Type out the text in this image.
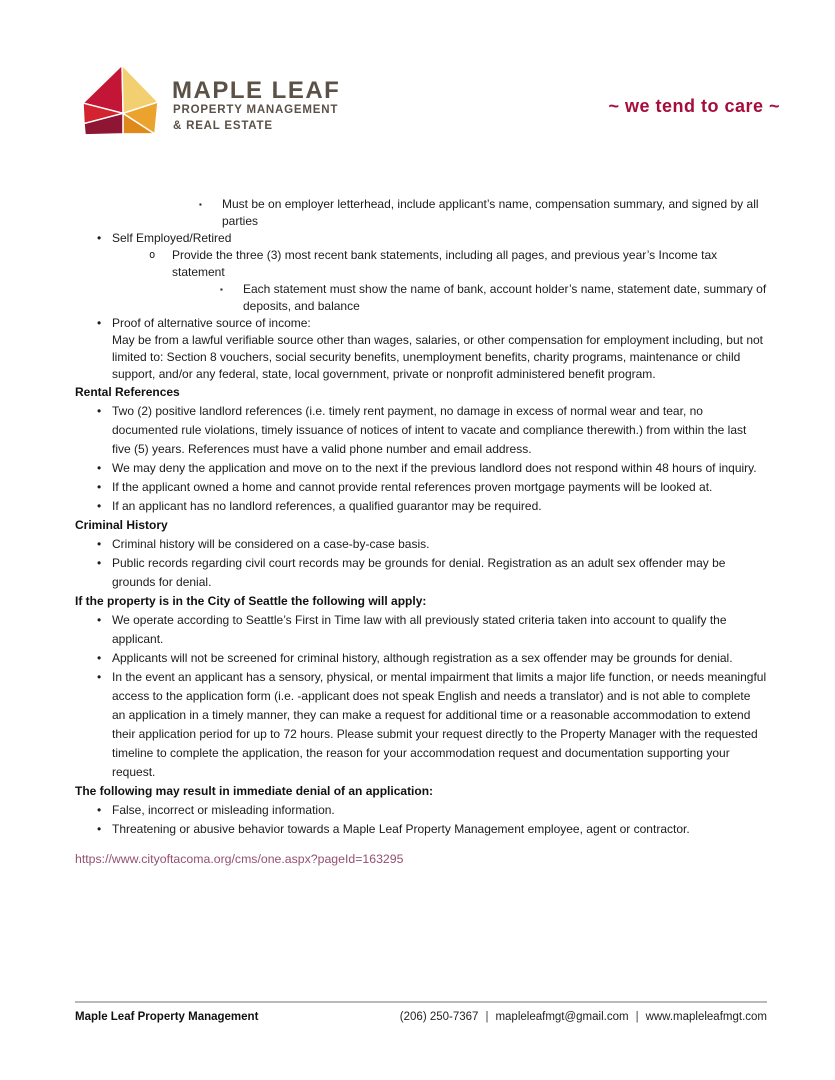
MAPLE LEAF
PROPERTY MANAGEMENT
& REAL ESTATE
~ we tend to care ~
▪	Must be on employer letterhead, include applicant’s name, compensation summary, and signed by all parties
• Self Employed/Retired
o	Provide the three (3) most recent bank statements, including all pages, and previous year’s Income tax statement
▪	Each statement must show the name of bank, account holder’s name, statement date, summary of deposits, and balance
• Proof of alternative source of income:
May be from a lawful verifiable source other than wages, salaries, or other compensation for employment including, but not limited to: Section 8 vouchers, social security benefits, unemployment benefits, charity programs, maintenance or child support, and/or any federal, state, local government, private or nonprofit administered benefit program.
Rental References
• Two (2) positive landlord references (i.e. timely rent payment, no damage in excess of normal wear and tear, no documented rule violations, timely issuance of notices of intent to vacate and compliance therewith.) from within the last five (5) years. References must have a valid phone number and email address.
• We may deny the application and move on to the next if the previous landlord does not respond within 48 hours of inquiry.
• If the applicant owned a home and cannot provide rental references proven mortgage payments will be looked at.
• If an applicant has no landlord references, a qualified guarantor may be required.
Criminal History
• Criminal history will be considered on a case-by-case basis.
• Public records regarding civil court records may be grounds for denial. Registration as an adult sex offender may be grounds for denial.
If the property is in the City of Seattle the following will apply:
• We operate according to Seattle’s First in Time law with all previously stated criteria taken into account to qualify the applicant.
• Applicants will not be screened for criminal history, although registration as a sex offender may be grounds for denial.
• In the event an applicant has a sensory, physical, or mental impairment that limits a major life function, or needs meaningful access to the application form (i.e. -applicant does not speak English and needs a translator) and is not able to complete an application in a timely manner, they can make a request for additional time or a reasonable accommodation to extend their application period for up to 72 hours. Please submit your request directly to the Property Manager with the requested timeline to complete the application, the reason for your accommodation request and documentation supporting your request.
The following may result in immediate denial of an application:
• False, incorrect or misleading information.
• Threatening or abusive behavior towards a Maple Leaf Property Management employee, agent or contractor.

https://www.cityoftacoma.org/cms/one.aspx?pageId=163295

Maple Leaf Property Management	(206) 250-7367 | mapleleafmgt@gmail.com | www.mapleleafmgt.com
